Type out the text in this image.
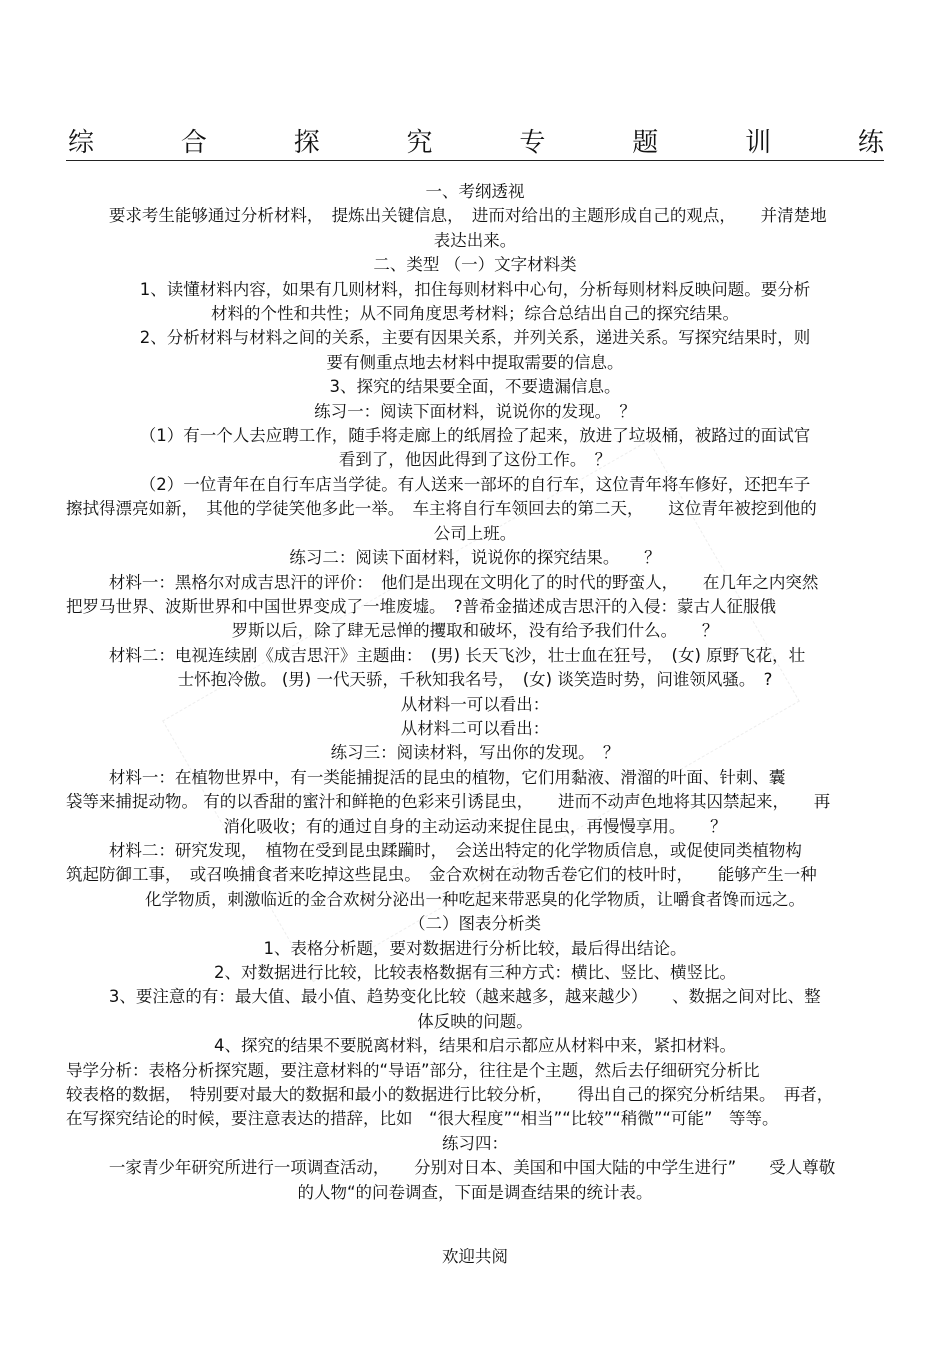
综	合	探	究	专	题	训	练

一、考纲透视

要求考生能够通过分析材料，　提炼出关键信息，　进而对给出的主题形成自己的观点，　　并清楚地

表达出来。

二、类型 （一）文字材料类

1、读懂材料内容，如果有几则材料，扣住每则材料中心句，分析每则材料反映问题。要分析

材料的个性和共性；从不同角度思考材料；综合总结出自己的探究结果。

2、分析材料与材料之间的关系，主要有因果关系，并列关系，递进关系。写探究结果时，则

要有侧重点地去材料中提取需要的信息。

3、探究的结果要全面，不要遗漏信息。

练习一：阅读下面材料，说说你的发现。　？

（1）有一个人去应聘工作，随手将走廊上的纸屑捡了起来，放进了垃圾桶，被路过的面试官

看到了，他因此得到了这份工作。　？

（2）一位青年在自行车店当学徒。有人送来一部坏的自行车，这位青年将车修好，还把车子

擦拭得漂亮如新，　其他的学徒笑他多此一举。　车主将自行车领回去的第二天，　　这位青年被挖到他的

公司上班。

练习二：阅读下面材料，说说你的探究结果。　　？

材料一：黑格尔对成吉思汗的评价：　他们是出现在文明化了的时代的野蛮人，　　在几年之内突然

把罗马世界、波斯世界和中国世界变成了一堆废墟。　?普希金描述成吉思汗的入侵：蒙古人征服俄

罗斯以后，除了肆无忌惮的攫取和破坏，没有给予我们什么。　　？

材料二：电视连续剧《成吉思汗》主题曲：　(男) 长天飞沙，壮士血在狂号，　(女) 原野飞花，壮

士怀抱冷傲。 (男) 一代天骄，千秋知我名号，　(女) 谈笑造时势，问谁领风骚。　?

从材料一可以看出：

从材料二可以看出：

练习三：阅读材料，写出你的发现。　？

材料一：在植物世界中，有一类能捕捉活的昆虫的植物，它们用黏液、滑溜的叶面、针刺、囊

袋等来捕捉动物。 有的以香甜的蜜汁和鲜艳的色彩来引诱昆虫，　　进而不动声色地将其囚禁起来，　　再

消化吸收；有的通过自身的主动运动来捉住昆虫，再慢慢享用。　　？

材料二：研究发现，　植物在受到昆虫蹂躏时，　会送出特定的化学物质信息，或促使同类植物构

筑起防御工事，　或召唤捕食者来吃掉这些昆虫。　金合欢树在动物舌卷它们的枝叶时，　　能够产生一种

化学物质，刺激临近的金合欢树分泌出一种吃起来带恶臭的化学物质，让嚼食者馋而远之。

（二）图表分析类

1、表格分析题，要对数据进行分析比较，最后得出结论。

2、对数据进行比较，比较表格数据有三种方式：横比、竖比、横竖比。

3、要注意的有：最大值、最小值、趋势变化比较（越来越多，越来越少）　　、数据之间对比、整

体反映的问题。

4、探究的结果不要脱离材料，结果和启示都应从材料中来，紧扣材料。

导学分析：表格分析探究题，要注意材料的“导语”部分，往往是个主题，然后去仔细研究分析比

较表格的数据，　特别要对最大的数据和最小的数据进行比较分析，　　得出自己的探究分析结果。　再者，

在写探究结论的时候，要注意表达的措辞，比如　“很大程度”“相当”“比较”“稍微”“可能”　等等。

练习四：

一家青少年研究所进行一项调查活动，　　分别对日本、美国和中国大陆的中学生进行”　　受人尊敬

的人物“的问卷调查，下面是调查结果的统计表。

欢迎共阅
